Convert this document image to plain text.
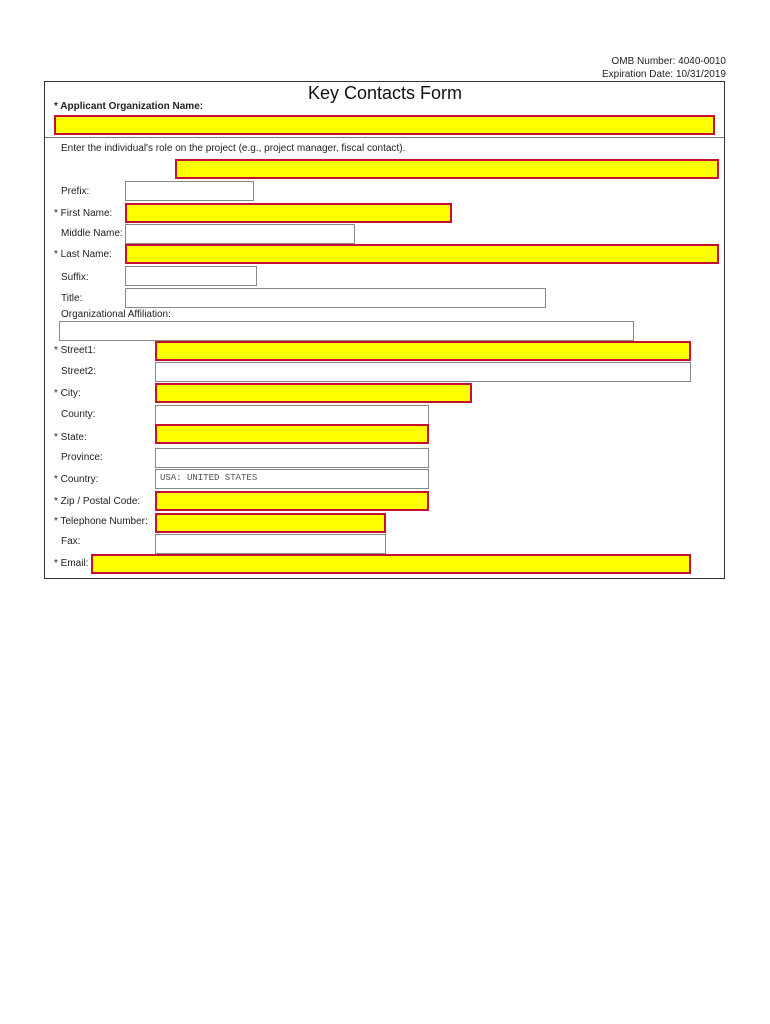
OMB Number: 4040-0010
Expiration Date: 10/31/2019
Key Contacts Form
* Applicant Organization Name:
Enter the individual's role on the project (e.g., project manager, fiscal contact).
Prefix:
* First Name:
Middle Name:
* Last Name:
Suffix:
Title:
Organizational Affiliation:
* Street1:
Street2:
* City:
County:
* State:
Province:
* Country:	USA: UNITED STATES
* Zip / Postal Code:
* Telephone Number:
Fax:
* Email:
